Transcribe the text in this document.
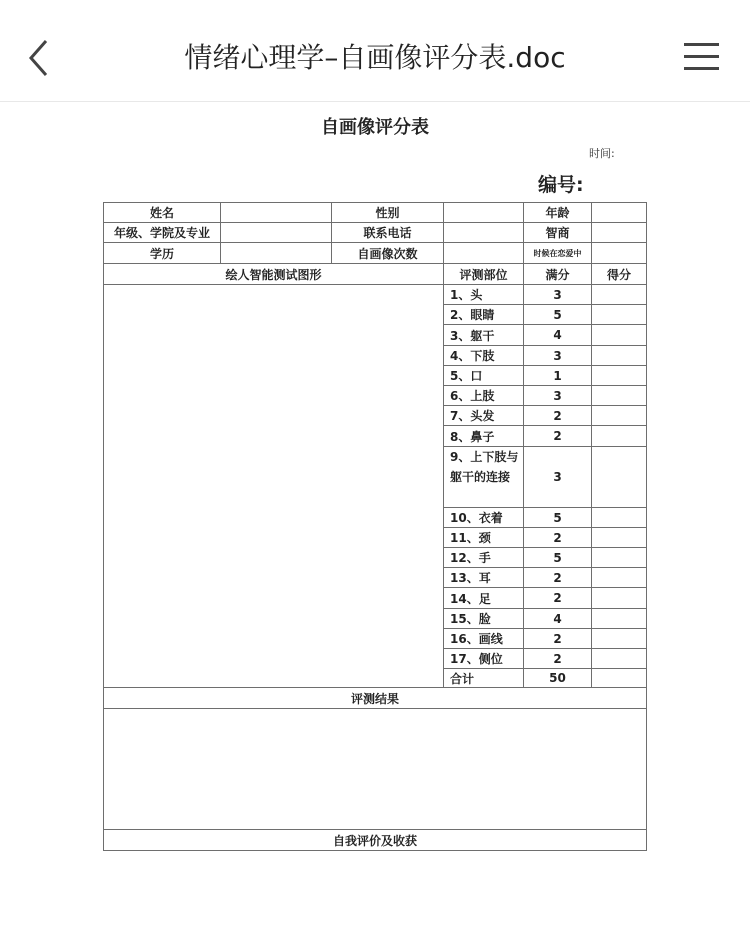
情绪心理学–自画像评分表.doc
自画像评分表
时间:
编号:
姓名	性别	年龄
年级、学院及专业	联系电话	智商
学历	自画像次数	时候在恋爱中
绘人智能测试图形	评测部位	满分	得分
1、头	3
2、眼睛	5
3、躯干	4
4、下肢	3
5、口	1
6、上肢	3
7、头发	2
8、鼻子	2
9、上下肢与躯干的连接	3
10、衣着	5
11、颈	2
12、手	5
13、耳	2
14、足	2
15、脸	4
16、画线	2
17、侧位	2
合计	50
评测结果
自我评价及收获
